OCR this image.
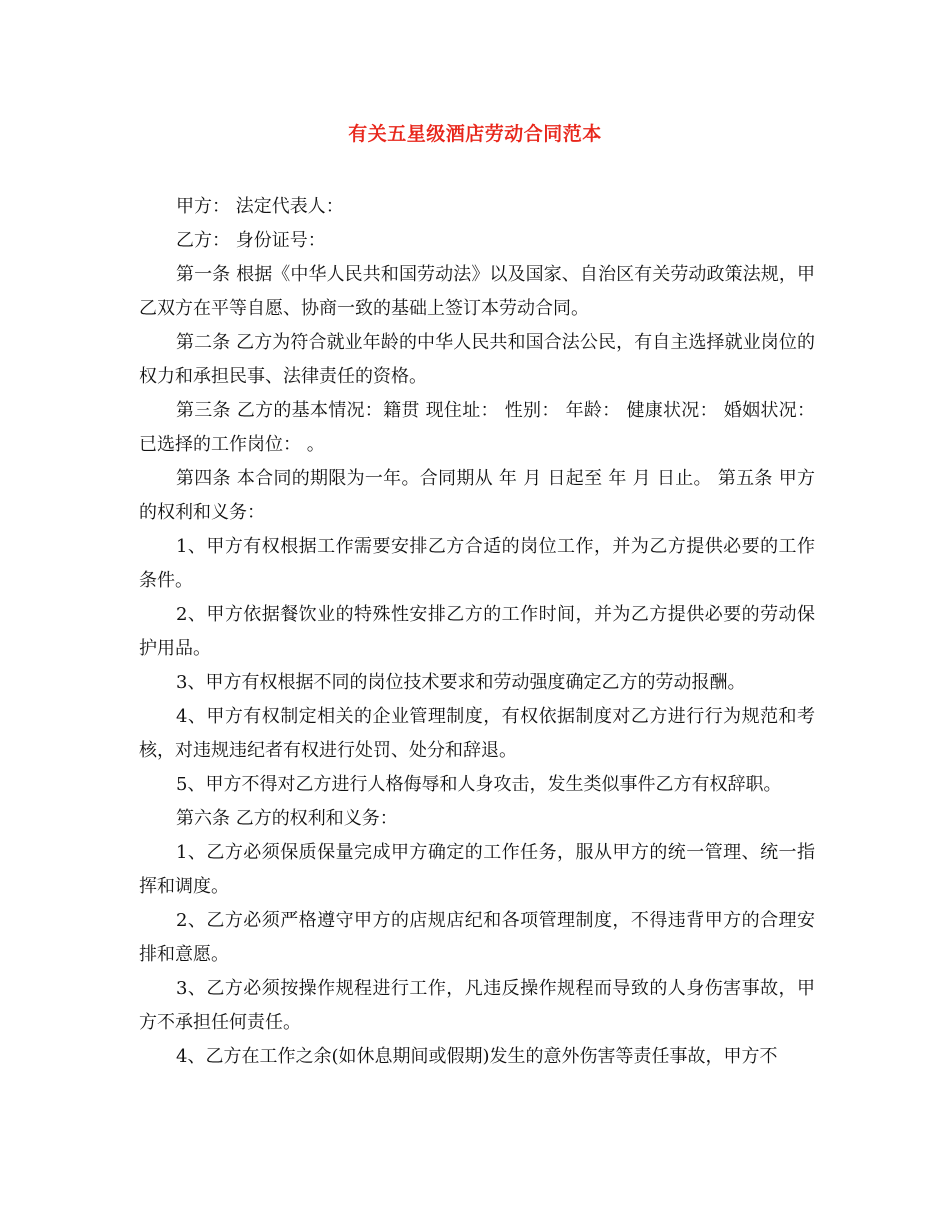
有关五星级酒店劳动合同范本

甲方： 法定代表人：

乙方： 身份证号：

第一条 根据《中华人民共和国劳动法》以及国家、自治区有关劳动政策法规，甲乙双方在平等自愿、协商一致的基础上签订本劳动合同。

第二条 乙方为符合就业年龄的中华人民共和国合法公民，有自主选择就业岗位的权力和承担民事、法律责任的资格。

第三条 乙方的基本情况：籍贯 现住址： 性别： 年龄： 健康状况： 婚姻状况： 已选择的工作岗位： 。

第四条 本合同的期限为一年。合同期从 年 月 日起至 年 月 日止。 第五条 甲方的权利和义务：

1、甲方有权根据工作需要安排乙方合适的岗位工作，并为乙方提供必要的工作条件。

2、甲方依据餐饮业的特殊性安排乙方的工作时间，并为乙方提供必要的劳动保护用品。

3、甲方有权根据不同的岗位技术要求和劳动强度确定乙方的劳动报酬。

4、甲方有权制定相关的企业管理制度，有权依据制度对乙方进行行为规范和考核，对违规违纪者有权进行处罚、处分和辞退。

5、甲方不得对乙方进行人格侮辱和人身攻击，发生类似事件乙方有权辞职。

第六条 乙方的权利和义务：

1、乙方必须保质保量完成甲方确定的工作任务，服从甲方的统一管理、统一指挥和调度。

2、乙方必须严格遵守甲方的店规店纪和各项管理制度，不得违背甲方的合理安排和意愿。

3、乙方必须按操作规程进行工作，凡违反操作规程而导致的人身伤害事故，甲方不承担任何责任。

4、乙方在工作之余(如休息期间或假期)发生的意外伤害等责任事故，甲方不
